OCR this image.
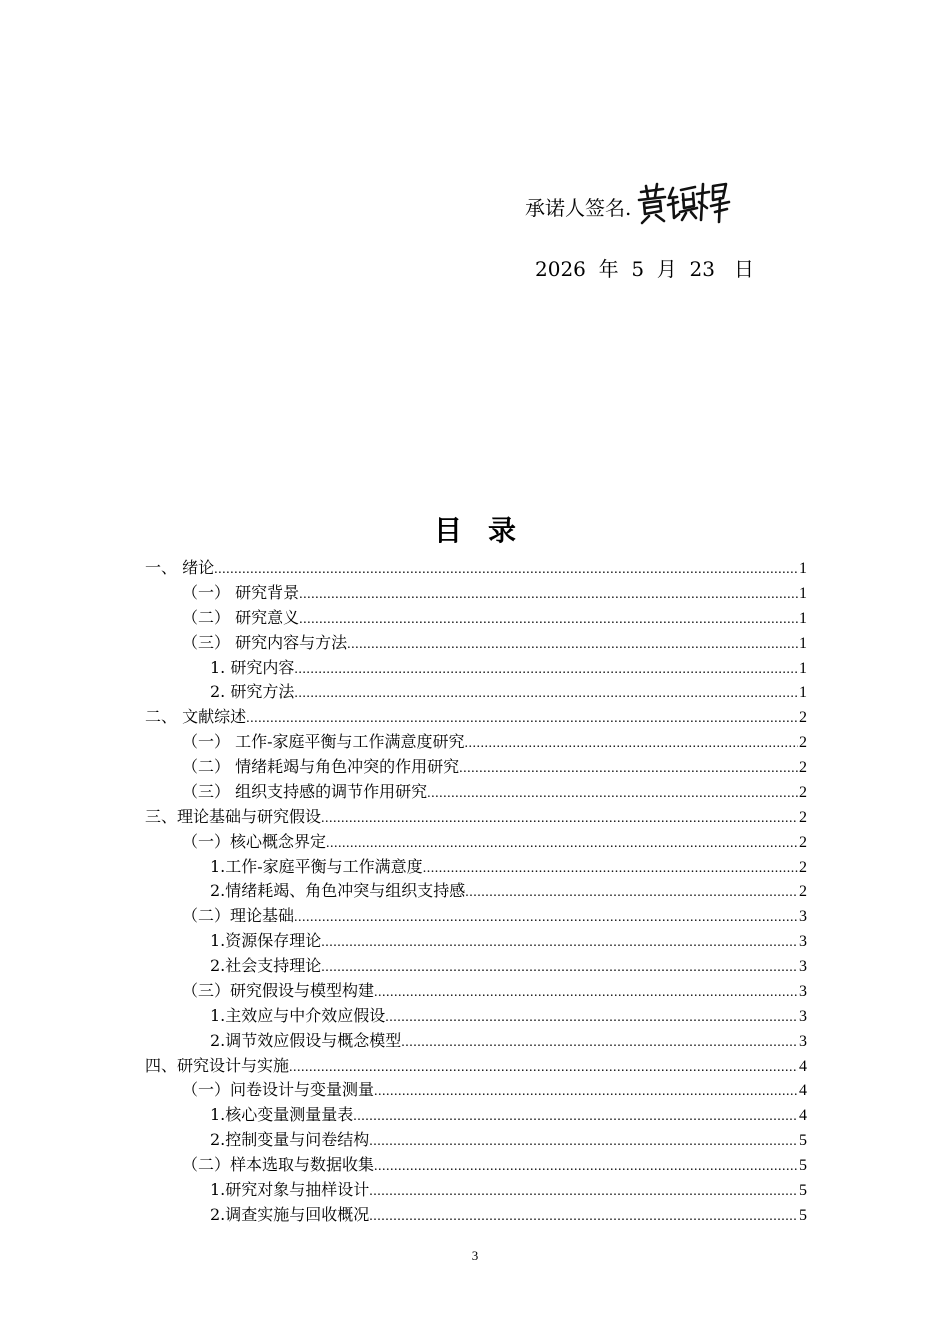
承诺人签名.
2026 年 5 月 23 日
目录
一、 绪论 .....	1
（一） 研究背景 .....	1
（二） 研究意义 .....	1
（三） 研究内容与方法 .....	1
1. 研究内容 .....	1
2. 研究方法 .....	1
二、 文献综述 .....	2
（一） 工作-家庭平衡与工作满意度研究 .....	2
（二） 情绪耗竭与角色冲突的作用研究 .....	2
（三） 组织支持感的调节作用研究 .....	2
三、理论基础与研究假设 .....	2
（一）核心概念界定 .....	2
1.工作-家庭平衡与工作满意度 .....	2
2.情绪耗竭、角色冲突与组织支持感 .....	2
（二）理论基础 .....	3
1.资源保存理论 .....	3
2.社会支持理论 .....	3
（三）研究假设与模型构建 .....	3
1.主效应与中介效应假设 .....	3
2.调节效应假设与概念模型 .....	3
四、研究设计与实施 .....	4
（一）问卷设计与变量测量 .....	4
1.核心变量测量量表 .....	4
2.控制变量与问卷结构 .....	5
（二）样本选取与数据收集 .....	5
1.研究对象与抽样设计 .....	5
2.调查实施与回收概况 .....	5
3
